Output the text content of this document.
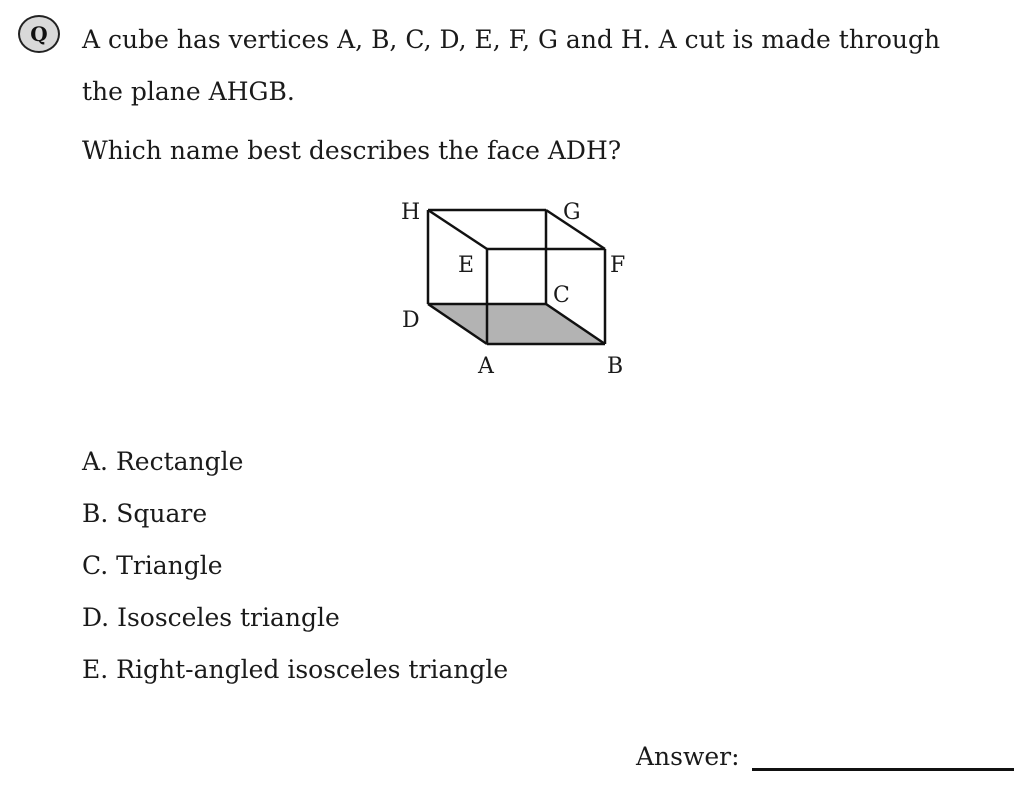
Q A cube has vertices A, B, C, D, E, F, G and H. A cut is made through the plane AHGB.

Which name best describes the face ADH?

H	G
E	F
C
D
A	B
A. Rectangle
B. Square
C. Triangle
D. Isosceles triangle
E. Right-angled isosceles triangle
Answer:
